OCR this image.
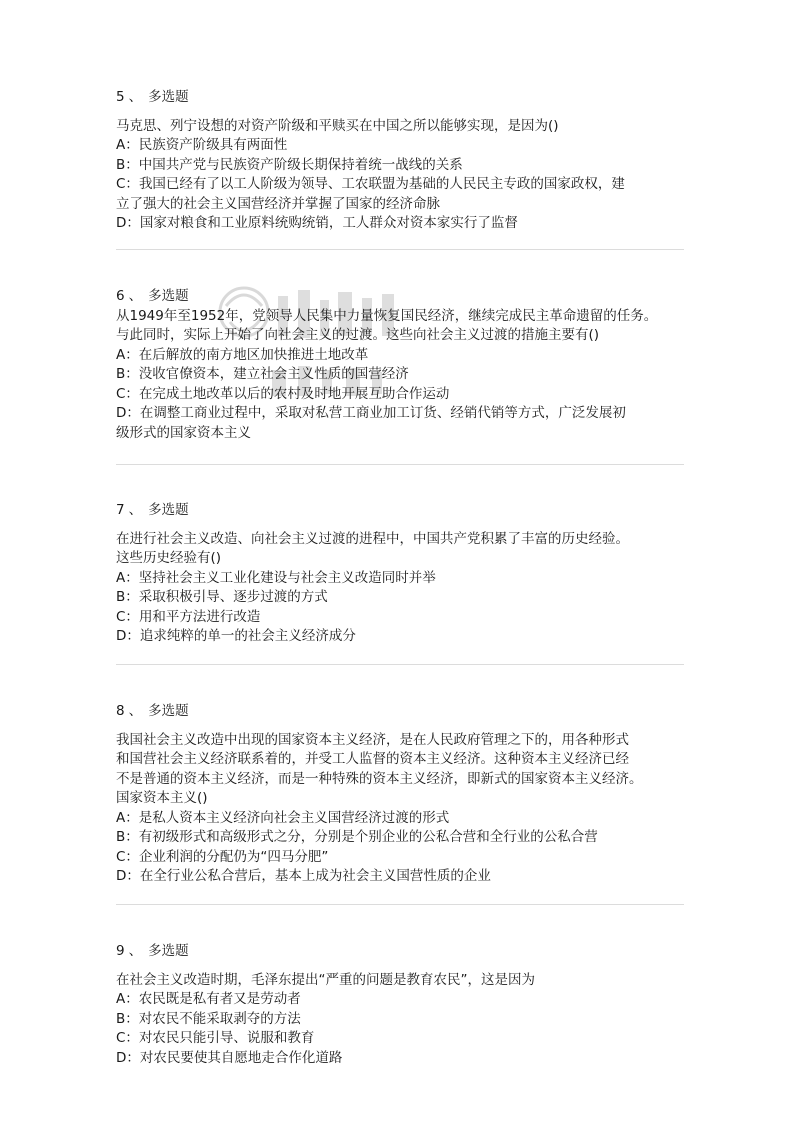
5 、 多选题
马克思、列宁设想的对资产阶级和平赎买在中国之所以能够实现，是因为()
A：民族资产阶级具有两面性
B：中国共产党与民族资产阶级长期保持着统一战线的关系
C：我国已经有了以工人阶级为领导、工农联盟为基础的人民民主专政的国家政权，建
立了强大的社会主义国营经济并掌握了国家的经济命脉
D：国家对粮食和工业原料统购统销，工人群众对资本家实行了监督
6 、 多选题
从1949年至1952年，党领导人民集中力量恢复国民经济，继续完成民主革命遗留的任务。
与此同时，实际上开始了向社会主义的过渡。这些向社会主义过渡的措施主要有()
A：在后解放的南方地区加快推进土地改革
B：没收官僚资本，建立社会主义性质的国营经济
C：在完成土地改革以后的农村及时地开展互助合作运动
D：在调整工商业过程中，采取对私营工商业加工订货、经销代销等方式，广泛发展初
级形式的国家资本主义
7 、 多选题
在进行社会主义改造、向社会主义过渡的进程中，中国共产党积累了丰富的历史经验。
这些历史经验有()
A：坚持社会主义工业化建设与社会主义改造同时并举
B：采取积极引导、逐步过渡的方式
C：用和平方法进行改造
D：追求纯粹的单一的社会主义经济成分
8 、 多选题
我国社会主义改造中出现的国家资本主义经济，是在人民政府管理之下的，用各种形式
和国营社会主义经济联系着的，并受工人监督的资本主义经济。这种资本主义经济已经
不是普通的资本主义经济，而是一种特殊的资本主义经济，即新式的国家资本主义经济。
国家资本主义()
A：是私人资本主义经济向社会主义国营经济过渡的形式
B：有初级形式和高级形式之分，分别是个别企业的公私合营和全行业的公私合营
C：企业利润的分配仍为“四马分肥”
D：在全行业公私合营后，基本上成为社会主义国营性质的企业
9 、 多选题
在社会主义改造时期，毛泽东提出“严重的问题是教育农民”，这是因为
A：农民既是私有者又是劳动者
B：对农民不能采取剥夺的方法
C：对农民只能引导、说服和教育
D：对农民要使其自愿地走合作化道路
